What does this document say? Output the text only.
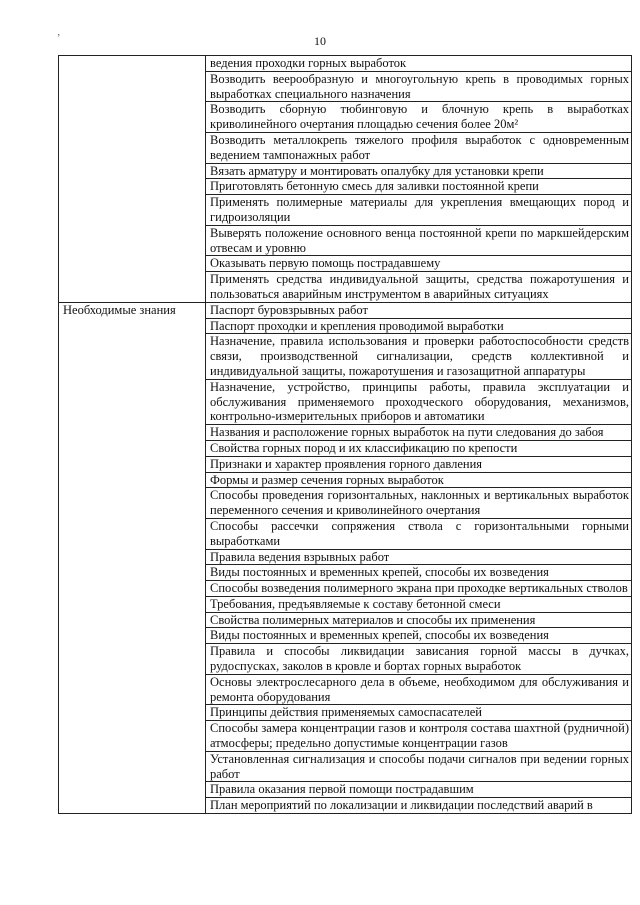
10
‚
	ведения проходки горных выработок
	Возводить веерообразную и многоугольную крепь в проводимых горных выработках специального назначения
	Возводить сборную тюбинговую и блочную крепь в выработках криволинейного очертания площадью сечения более 20м²
	Возводить металлокрепь тяжелого профиля выработок с одновременным ведением тампонажных работ
	Вязать арматуру и монтировать опалубку для установки крепи
	Приготовлять бетонную смесь для заливки постоянной крепи
	Применять полимерные материалы для укрепления вмещающих пород и гидроизоляции
	Выверять положение основного венца постоянной крепи по маркшейдерским отвесам и уровню
	Оказывать первую помощь пострадавшему
	Применять средства индивидуальной защиты, средства пожаротушения и пользоваться аварийным инструментом в аварийных ситуациях
Необходимые знания	Паспорт буровзрывных работ
	Паспорт проходки и крепления проводимой выработки
	Назначение, правила использования и проверки работоспособности средств связи, производственной сигнализации, средств коллективной и индивидуальной защиты, пожаротушения и газозащитной аппаратуры
	Назначение, устройство, принципы работы, правила эксплуатации и обслуживания применяемого проходческого оборудования, механизмов, контрольно-измерительных приборов и автоматики
	Названия и расположение горных выработок на пути следования до забоя
	Свойства горных пород и их классификацию по крепости
	Признаки и характер проявления горного давления
	Формы и размер сечения горных выработок
	Способы проведения горизонтальных, наклонных и вертикальных выработок переменного сечения и криволинейного очертания
	Способы рассечки сопряжения ствола с горизонтальными горными выработками
	Правила ведения взрывных работ
	Виды постоянных и временных крепей, способы их возведения
	Способы возведения полимерного экрана при проходке вертикальных стволов
	Требования, предъявляемые к составу бетонной смеси
	Свойства полимерных материалов и способы их применения
	Виды постоянных и временных крепей, способы их возведения
	Правила и способы ликвидации зависания горной массы в дучках, рудоспусках, заколов в кровле и бортах горных выработок
	Основы электрослесарного дела в объеме, необходимом для обслуживания и ремонта оборудования
	Принципы действия применяемых самоспасателей
	Способы замера концентрации газов и контроля состава шахтной (рудничной) атмосферы; предельно допустимые концентрации газов
	Установленная сигнализация и способы подачи сигналов при ведении горных работ
	Правила оказания первой помощи пострадавшим
	План мероприятий по локализации и ликвидации последствий аварий в
